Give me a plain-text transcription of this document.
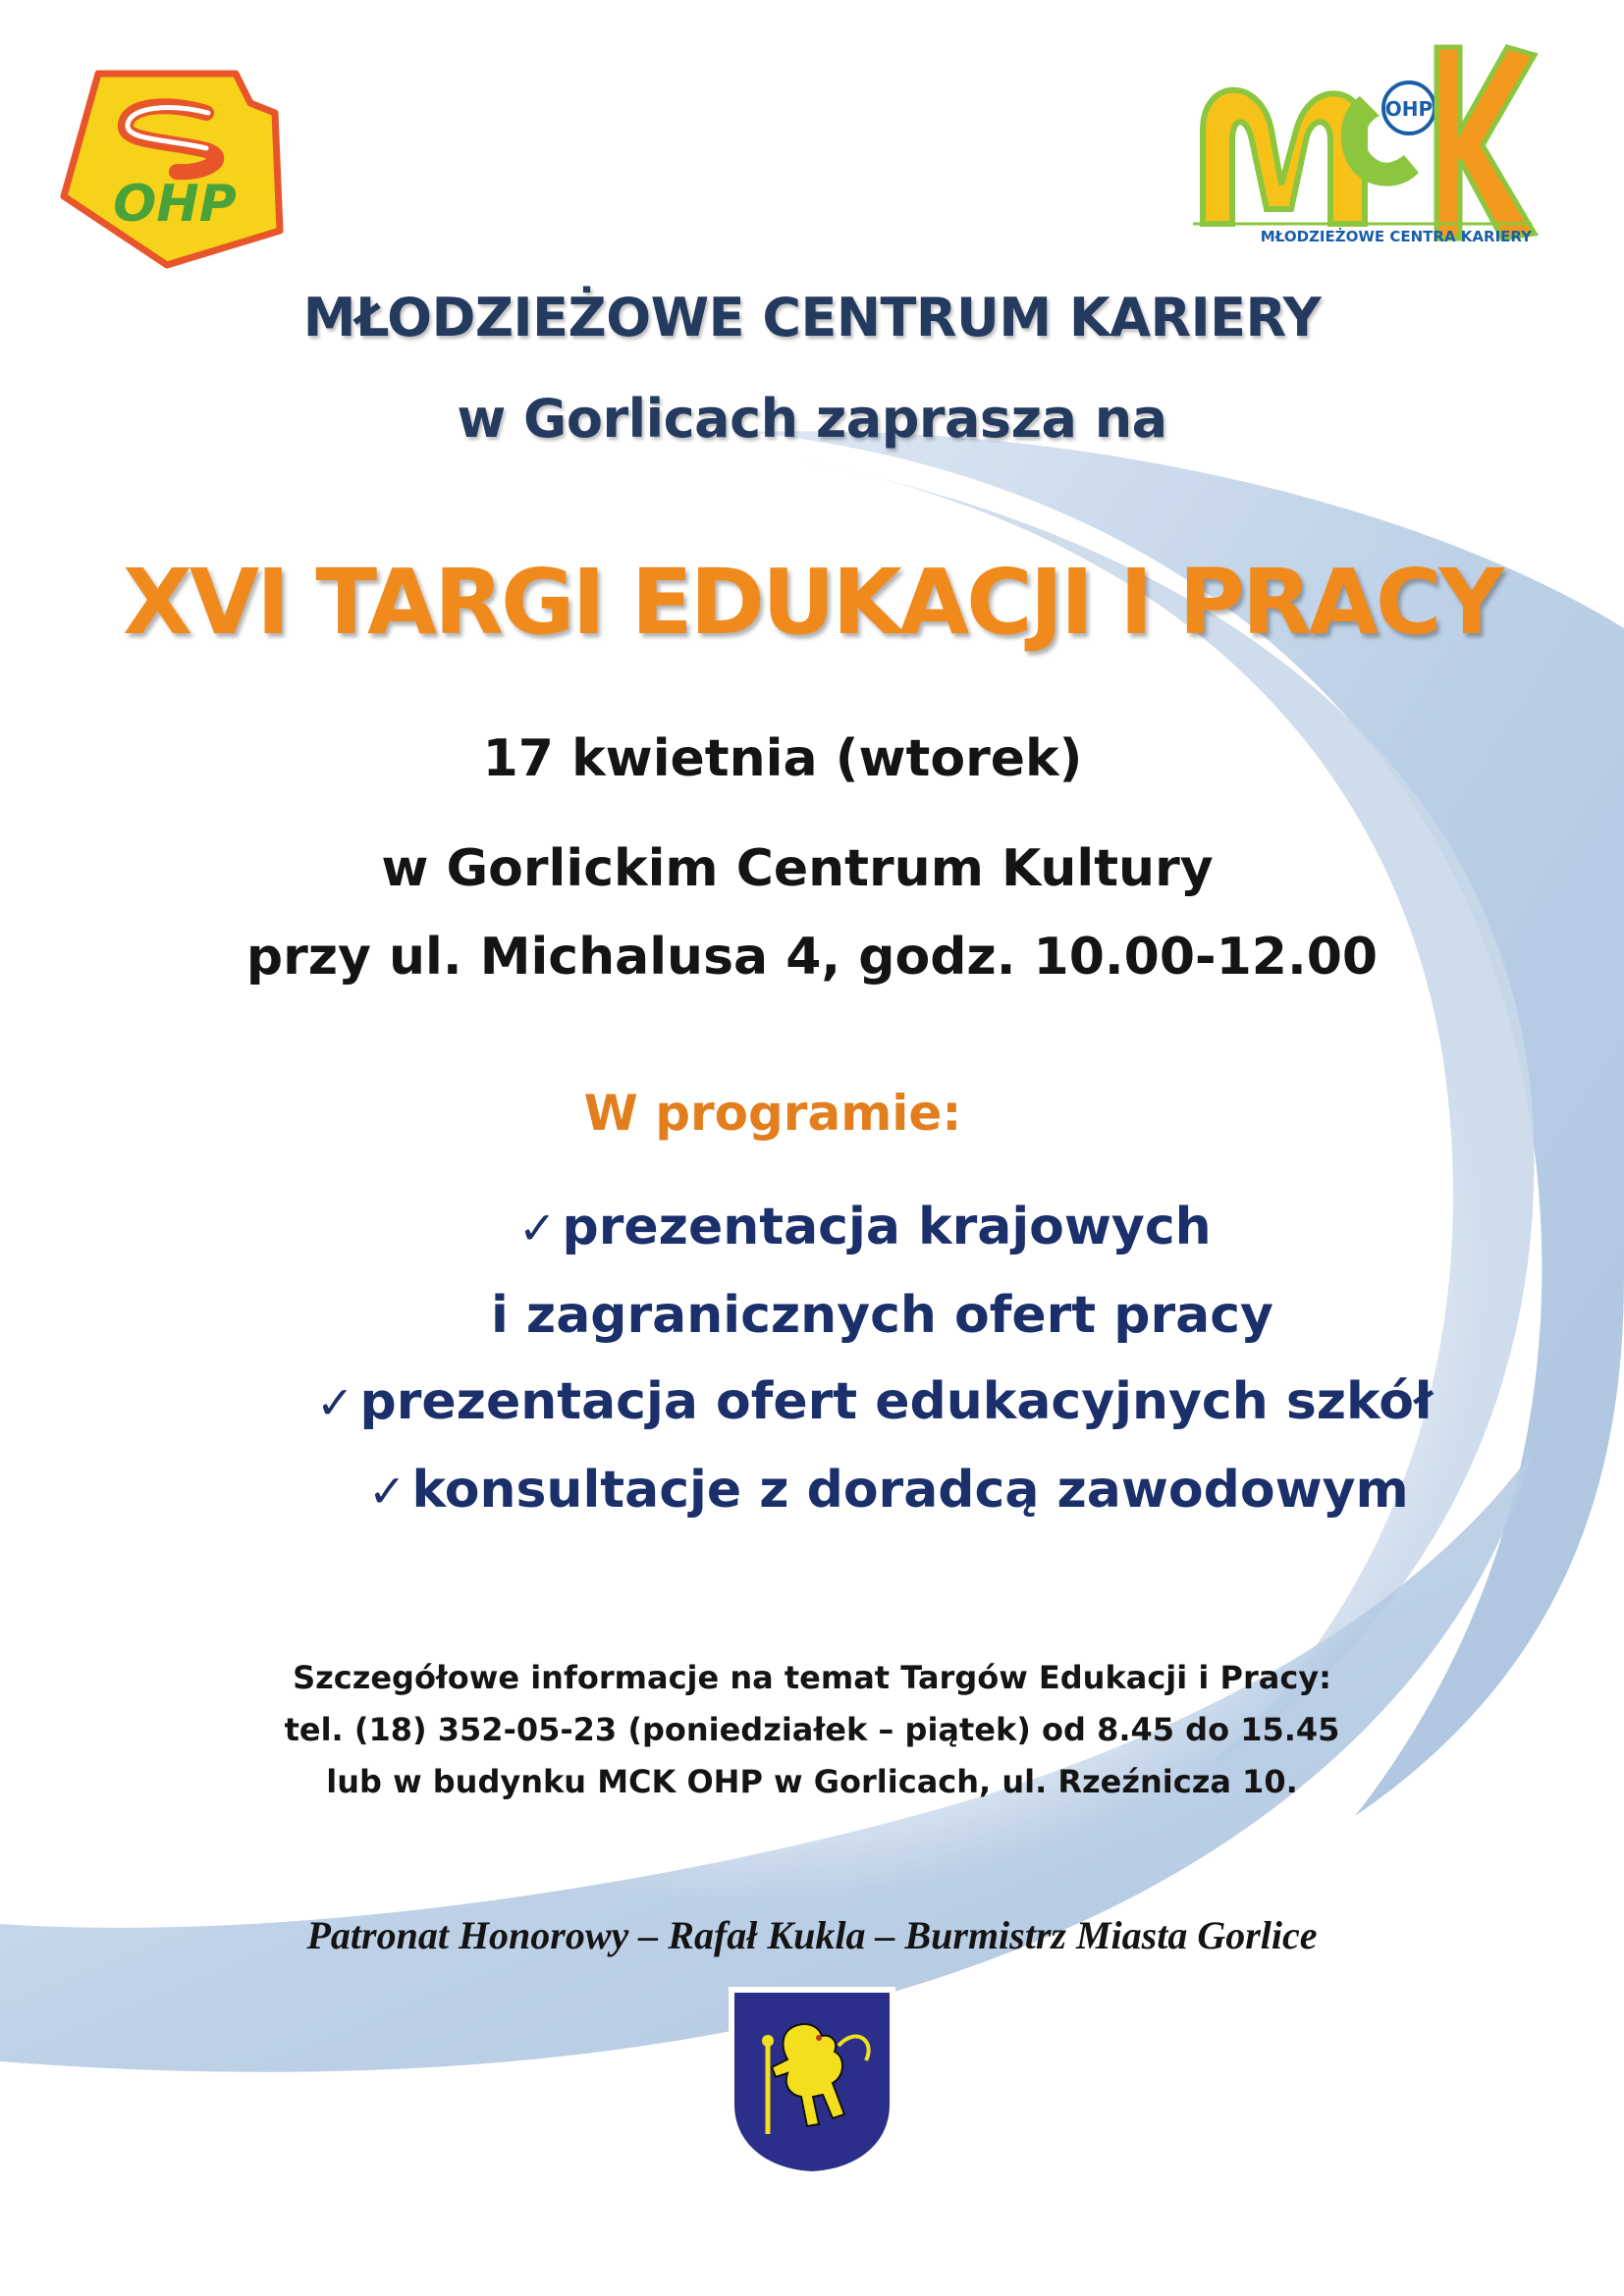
OHP
OHP
MŁODZIEŻOWE CENTRA KARIERY
MŁODZIEŻOWE CENTRUM KARIERY
w Gorlicach zaprasza na
XVI TARGI EDUKACJI I PRACY
17 kwietnia (wtorek)
w Gorlickim Centrum Kultury
przy ul. Michalusa 4, godz. 10.00-12.00
W programie:
✓ prezentacja krajowych
i zagranicznych ofert pracy
✓ prezentacja ofert edukacyjnych szkół
✓ konsultacje z doradcą zawodowym
Szczegółowe informacje na temat Targów Edukacji i Pracy:
tel. (18) 352-05-23 (poniedziałek – piątek) od 8.45 do 15.45
lub w budynku MCK OHP w Gorlicach, ul. Rzeźnicza 10.
Patronat Honorowy – Rafał Kukla – Burmistrz Miasta Gorlice
